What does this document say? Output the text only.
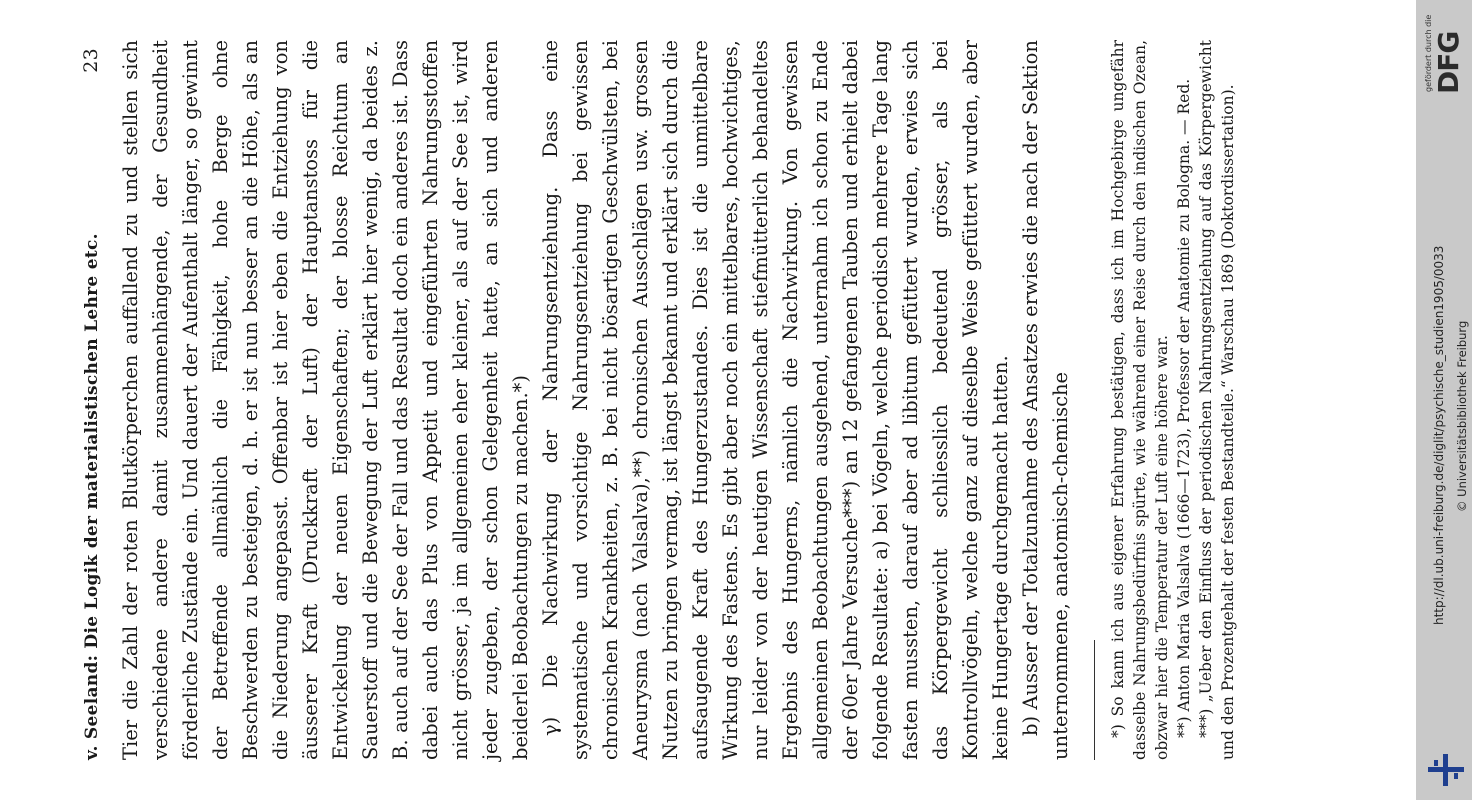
v. Seeland: Die Logik der materialistischen Lehre etc.
23 Tier die Zahl der roten Blutkörperchen auffallend zu und stellen sich verschiedene andere damit zusammenhängende, der Gesundheit förderliche Zustände ein. Und dauert der Aufenthalt länger, so gewinnt der Betreffende allmählich die Fähigkeit, hohe Berge ohne Beschwerden zu besteigen, d. h. er ist nun besser an die Höhe, als an die Niederung angepasst. Offenbar ist hier eben die Entziehung von äusserer Kraft (Druckkraft der Luft) der Hauptanstoss für die Entwickelung der neuen Eigenschaften; der blosse Reichtum an Sauerstoff und die Bewegung der Luft erklärt hier wenig, da beides z. B. auch auf der See der Fall und das Resultat doch ein anderes ist. Dass dabei auch das Plus von Appetit und eingeführten Nahrungsstoffen nicht grösser, ja im allgemeinen eher kleiner, als auf der See ist, wird jeder zugeben, der schon Gelegenheit hatte, an sich und anderen beiderlei Beobachtungen zu machen.*) γ) Die Nachwirkung der Nahrungsentziehung. Dass eine systematische und vorsichtige Nahrungsentziehung bei gewissen chronischen Krankheiten, z. B. bei nicht bösartigen Geschwülsten, bei Aneurysma (nach Valsalva),**) chronischen Ausschlägen usw. grossen Nutzen zu bringen vermag, ist längst bekannt und erklärt sich durch die aufsaugende Kraft des Hungerzustandes. Dies ist die unmittelbare Wirkung des Fastens. Es gibt aber noch ein mittelbares, hochwichtiges, nur leider von der heutigen Wissenschaft stiefmütterlich behandeltes Ergebnis des Hungerns, nämlich die Nachwirkung. Von gewissen allgemeinen Beobachtungen ausgehend, unternahm ich schon zu Ende der 60er Jahre Versuche***) an 12 gefangenen Tauben und erhielt dabei folgende Resultate: a) bei Vögeln, welche periodisch mehrere Tage lang fasten mussten, darauf aber ad libitum gefüttert wurden, erwies sich das Körpergewicht schliesslich bedeutend grösser, als bei Kontrollvögeln, welche ganz auf dieselbe Weise gefüttert wurden, aber keine Hungertage durchgemacht hatten. b) Ausser der Totalzunahme des Ansatzes erwies die nach der Sektion unternommene, anatomisch-chemische *) So kann ich aus eigener Erfahrung bestätigen, dass ich im Hochgebirge ungefähr dasselbe Nahrungsbedürfnis spürte, wie während einer Reise durch den indischen Ozean, obzwar hier die Temperatur der Luft eine höhere war. **) Anton Maria Valsalva (1666—1723), Professor der Anatomie zu Bologna. — Red. ***) „Ueber den Einfluss der periodischen Nahrungsentziehung auf das Körpergewicht und den Prozentgehalt der festen Bestandteile.“ Warschau 1869 (Doktordissertation).

gefördert durch die DFG
http://dl.ub.uni-freiburg.de/diglit/psychische_studien1905/0033 © Universitätsbibliothek Freiburg
